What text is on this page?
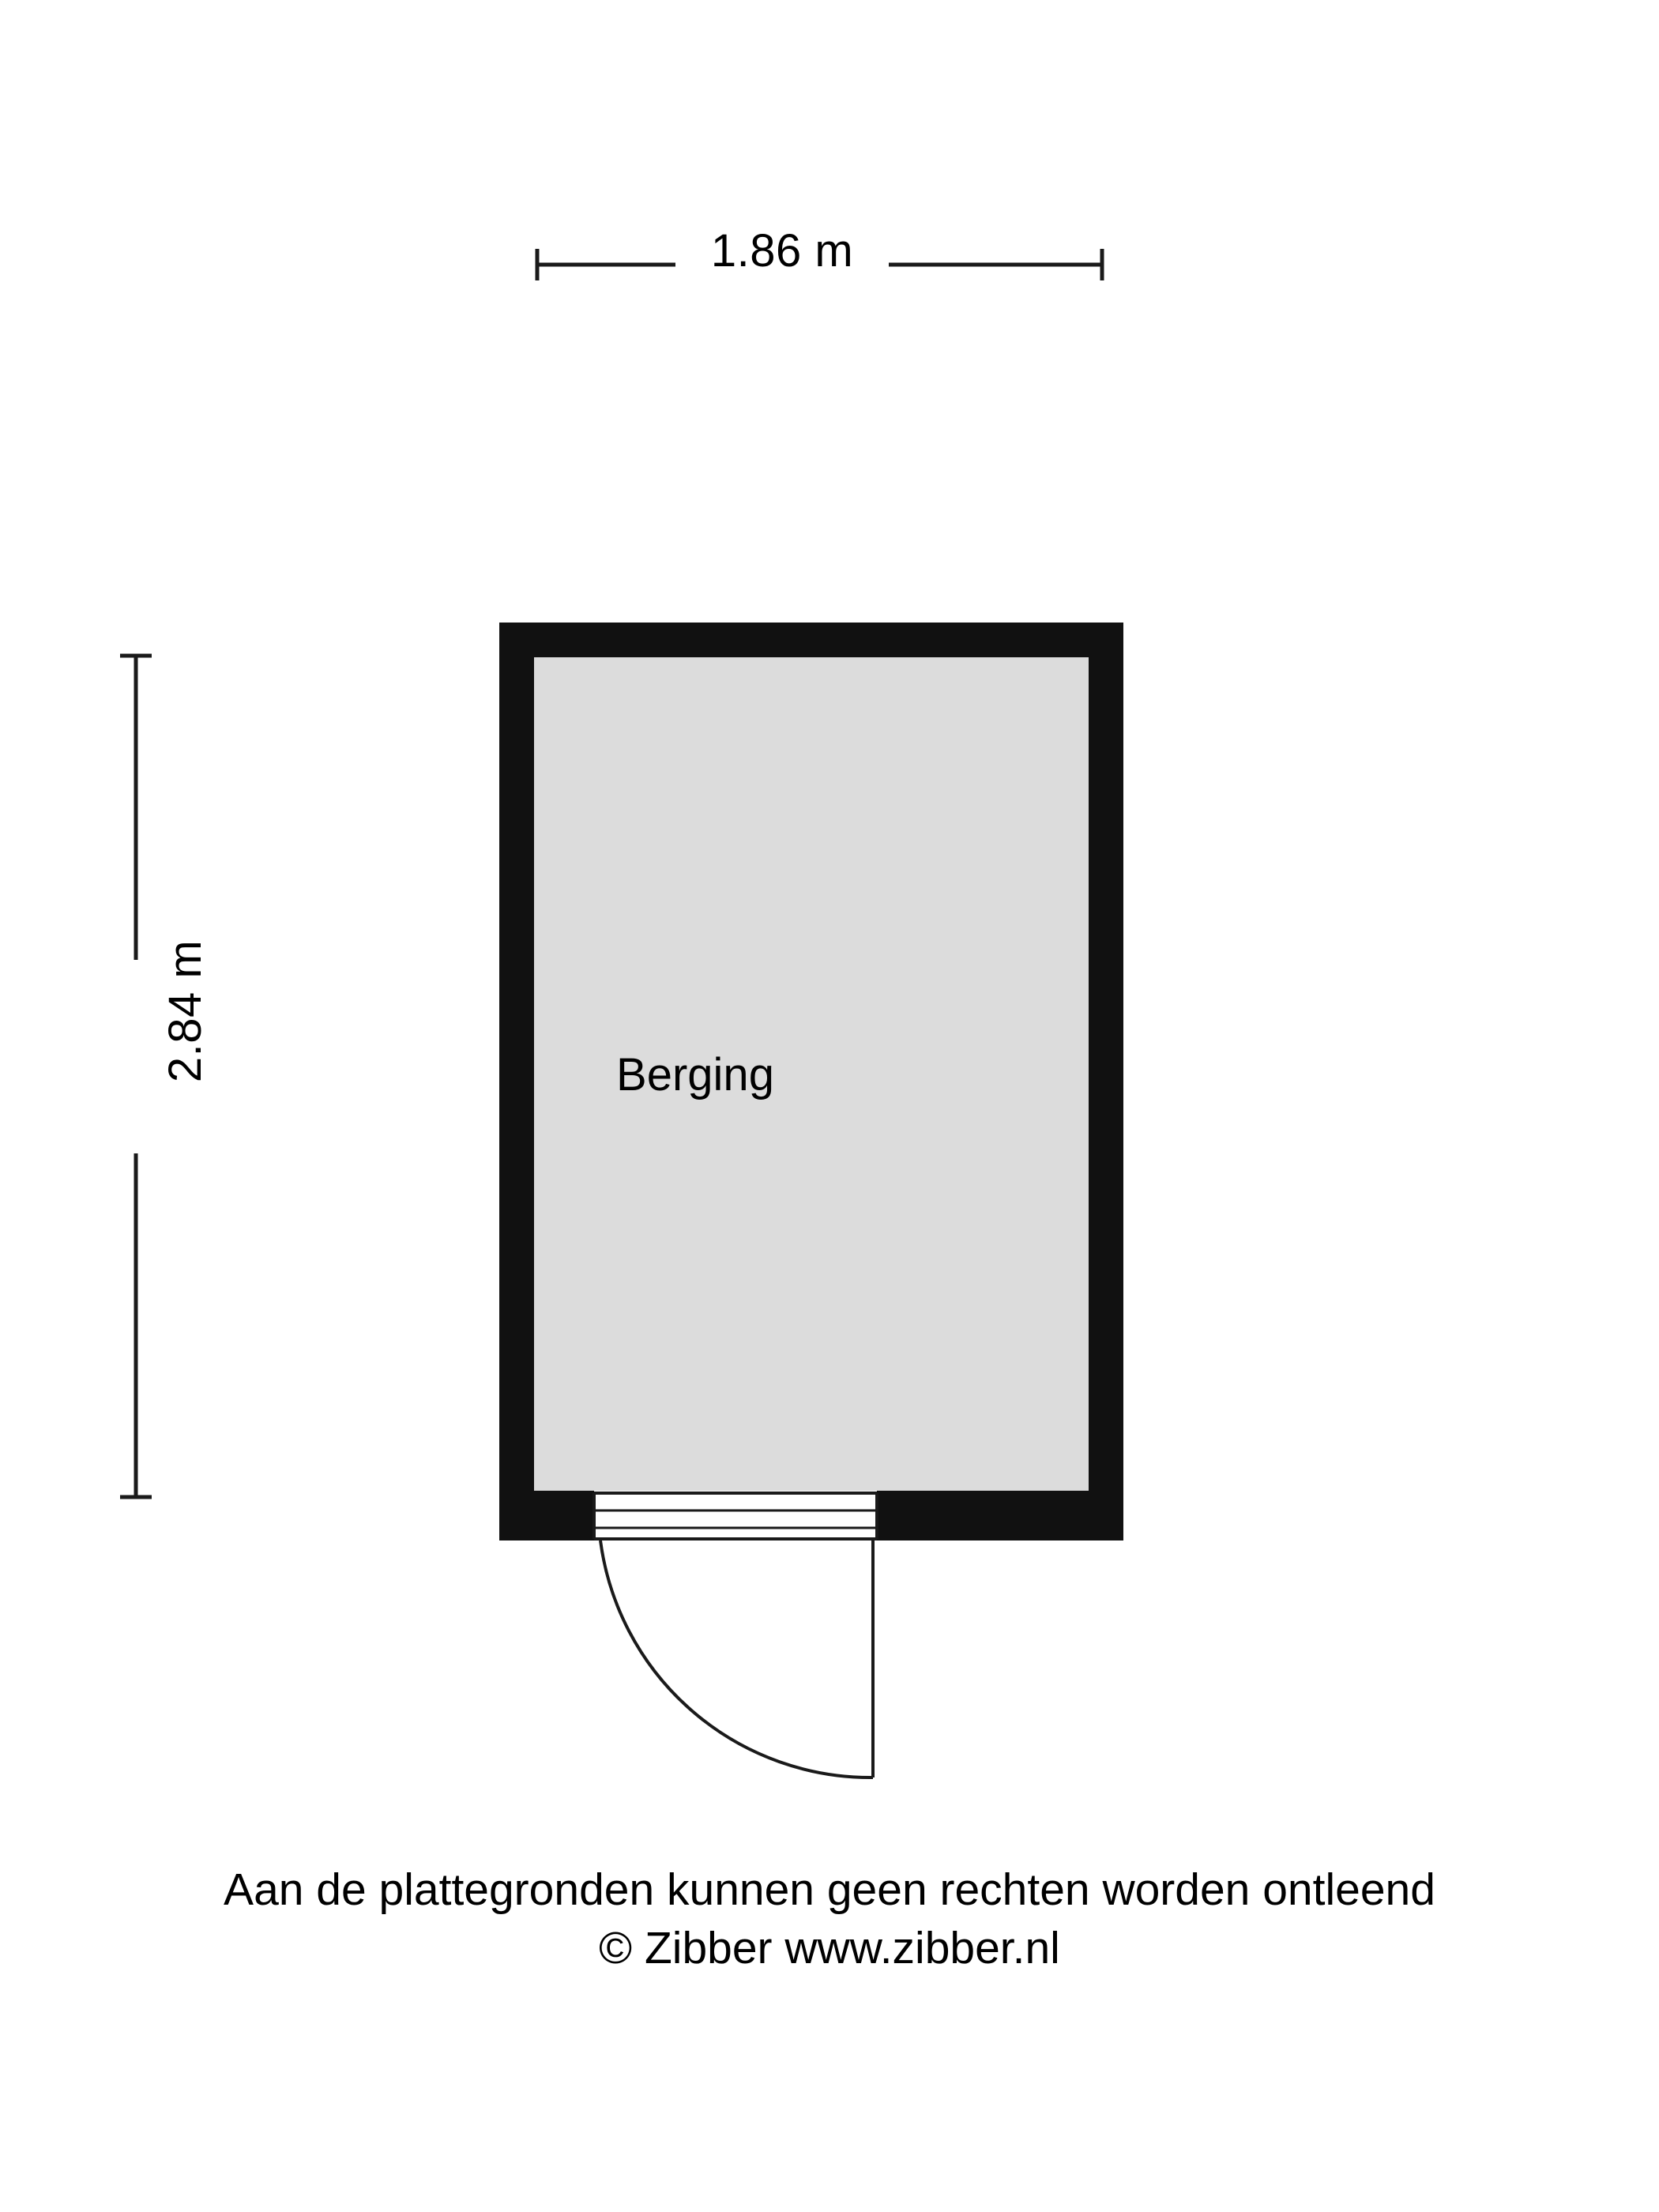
1.86 m
2.84 m	Berging
Aan de plattegronden kunnen geen rechten worden ontleend
© Zibber www.zibber.nl
